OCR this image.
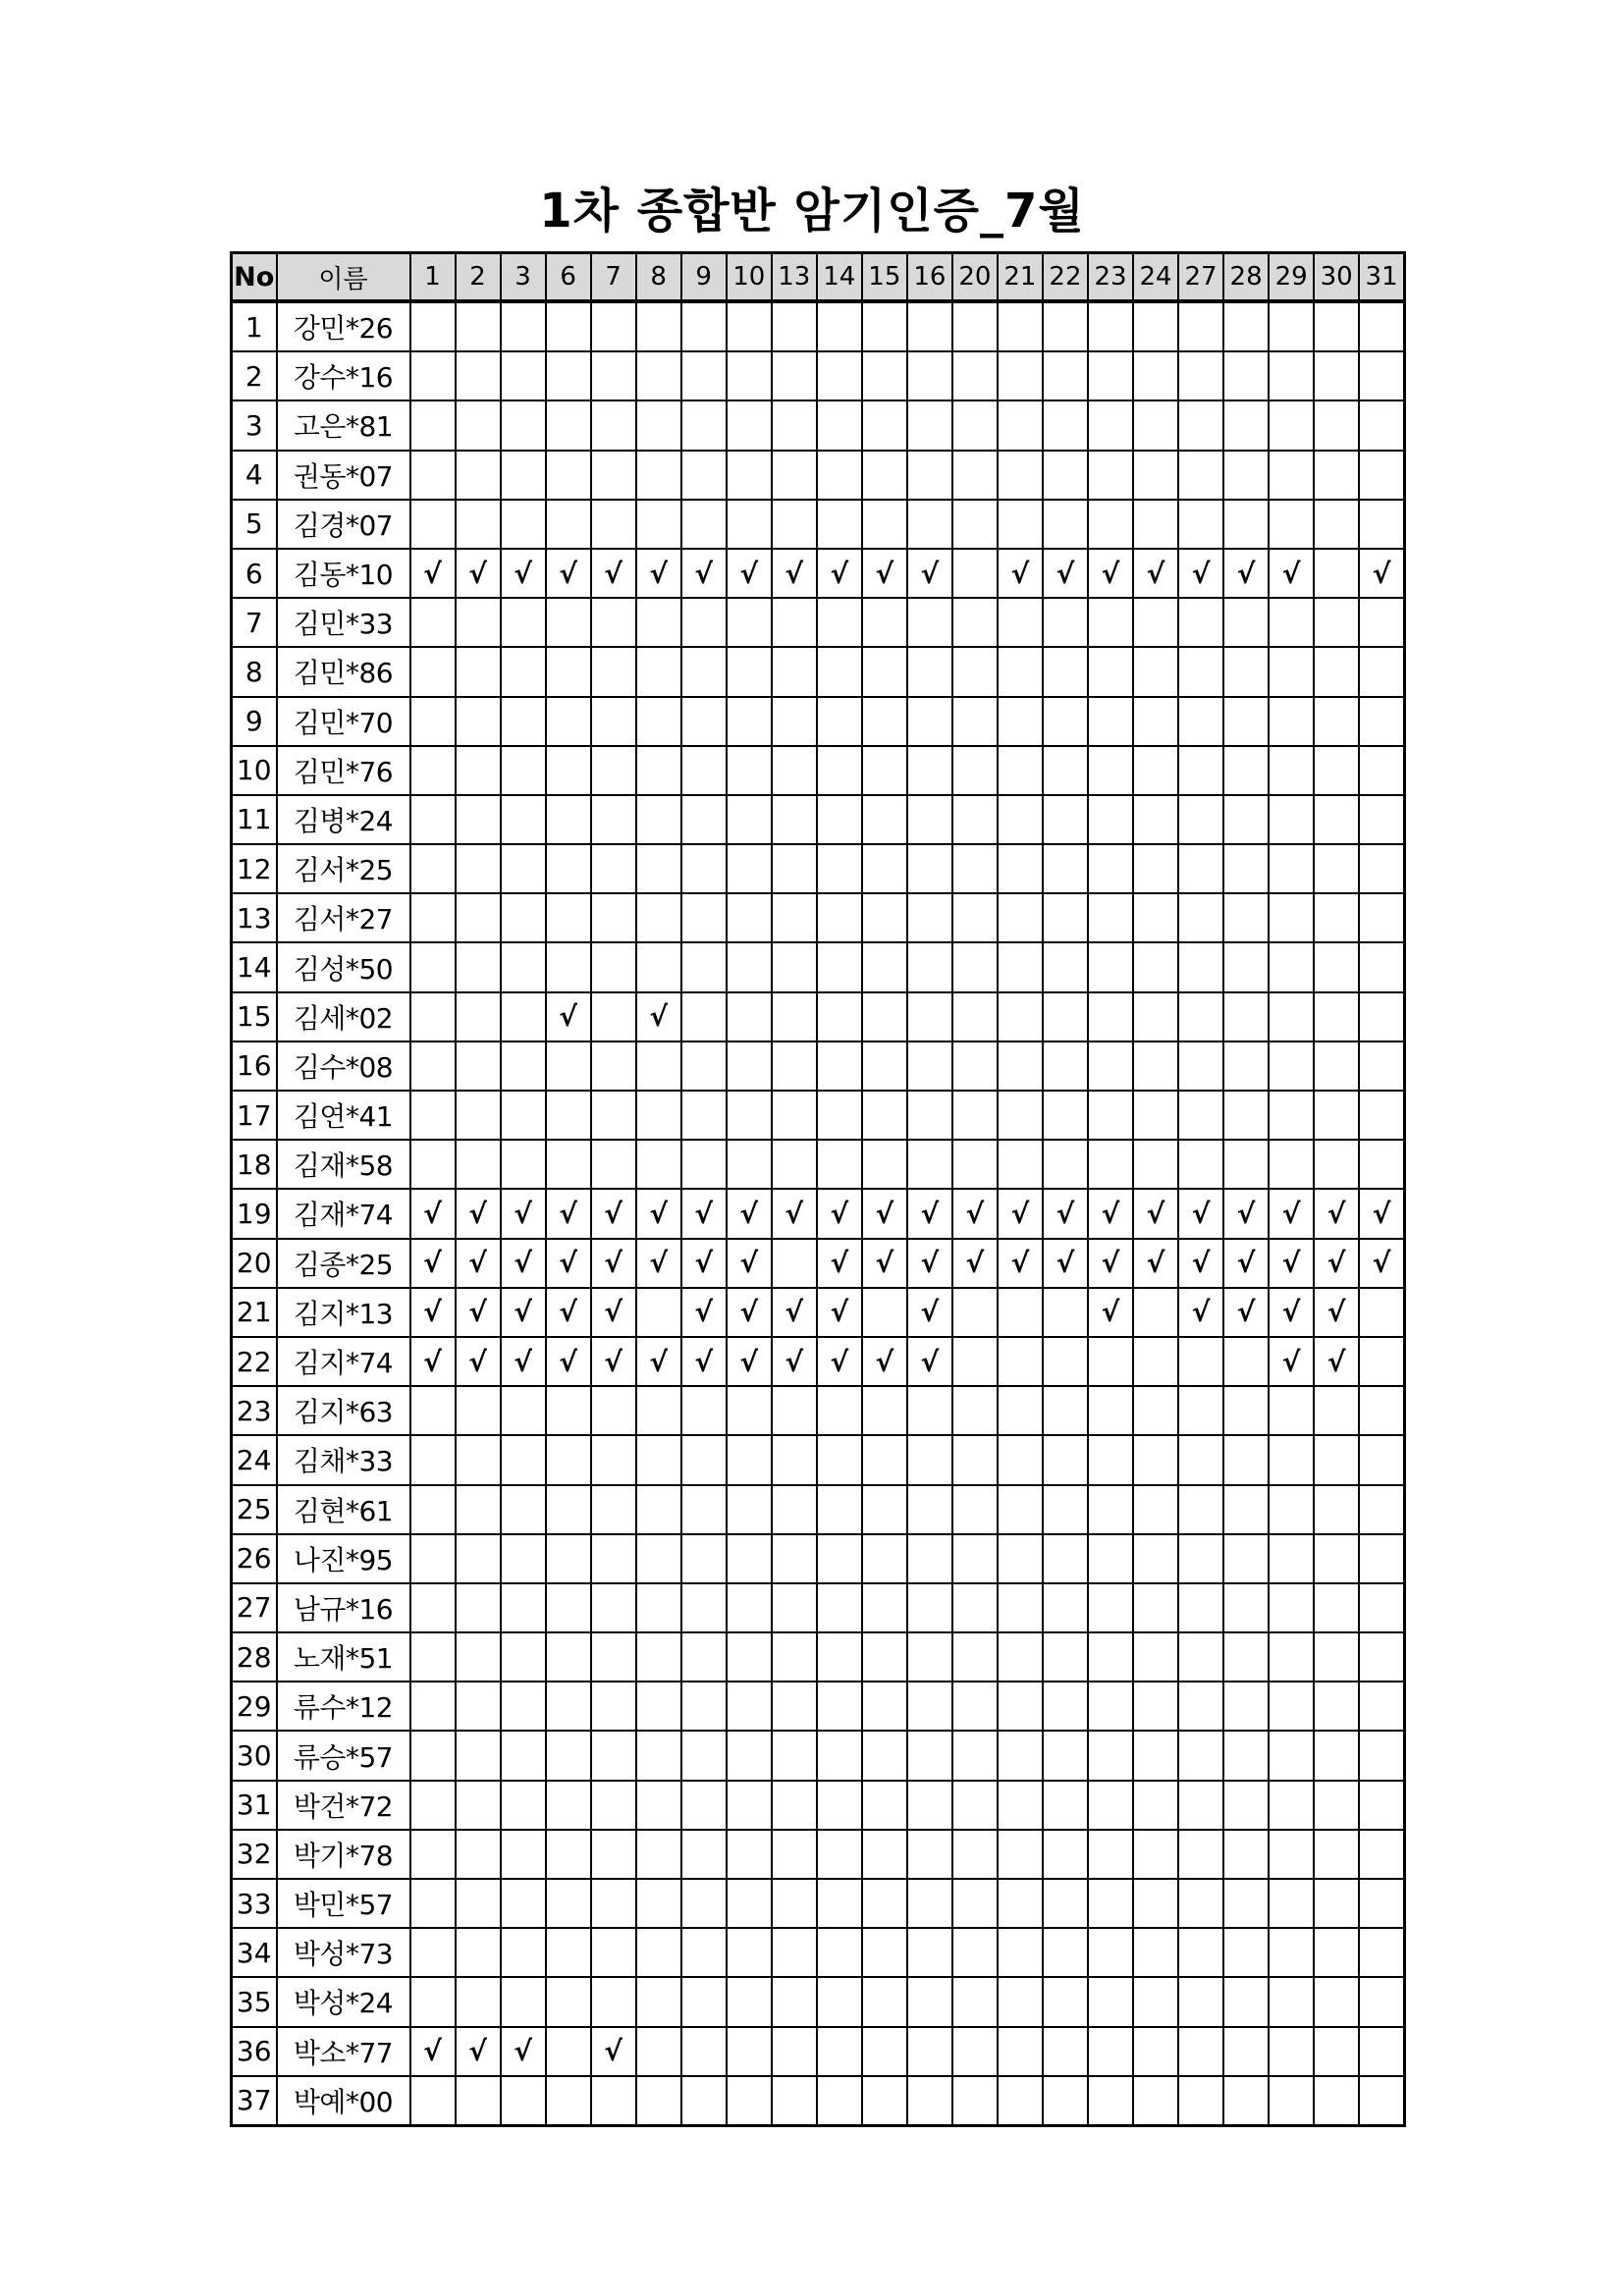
1차 종합반 암기인증_7월
No	이름	1	2	3	6	7	8	9	10	13	14	15	16	20	21	22	23	24	27	28	29	30	31
1	강민*26																						
2	강수*16																						
3	고은*81																						
4	권동*07																						
5	김경*07																						
6	김동*10	√	√	√	√	√	√	√	√	√	√	√	√		√	√	√	√	√	√	√		√
7	김민*33																						
8	김민*86																						
9	김민*70																						
10	김민*76																						
11	김병*24																						
12	김서*25																						
13	김서*27																						
14	김성*50																						
15	김세*02				√		√																
16	김수*08																						
17	김연*41																						
18	김재*58																						
19	김재*74	√	√	√	√	√	√	√	√	√	√	√	√	√	√	√	√	√	√	√	√	√	√
20	김종*25	√	√	√	√	√	√	√	√		√	√	√	√	√	√	√	√	√	√	√	√	√
21	김지*13	√	√	√	√	√		√	√	√	√		√				√		√	√	√	√	
22	김지*74	√	√	√	√	√	√	√	√	√	√	√	√								√	√	
23	김지*63																						
24	김채*33																						
25	김현*61																						
26	나진*95																						
27	남규*16																						
28	노재*51																						
29	류수*12																						
30	류승*57																						
31	박건*72																						
32	박기*78																						
33	박민*57																						
34	박성*73																						
35	박성*24																						
36	박소*77	√	√	√		√																	
37	박예*00																						
